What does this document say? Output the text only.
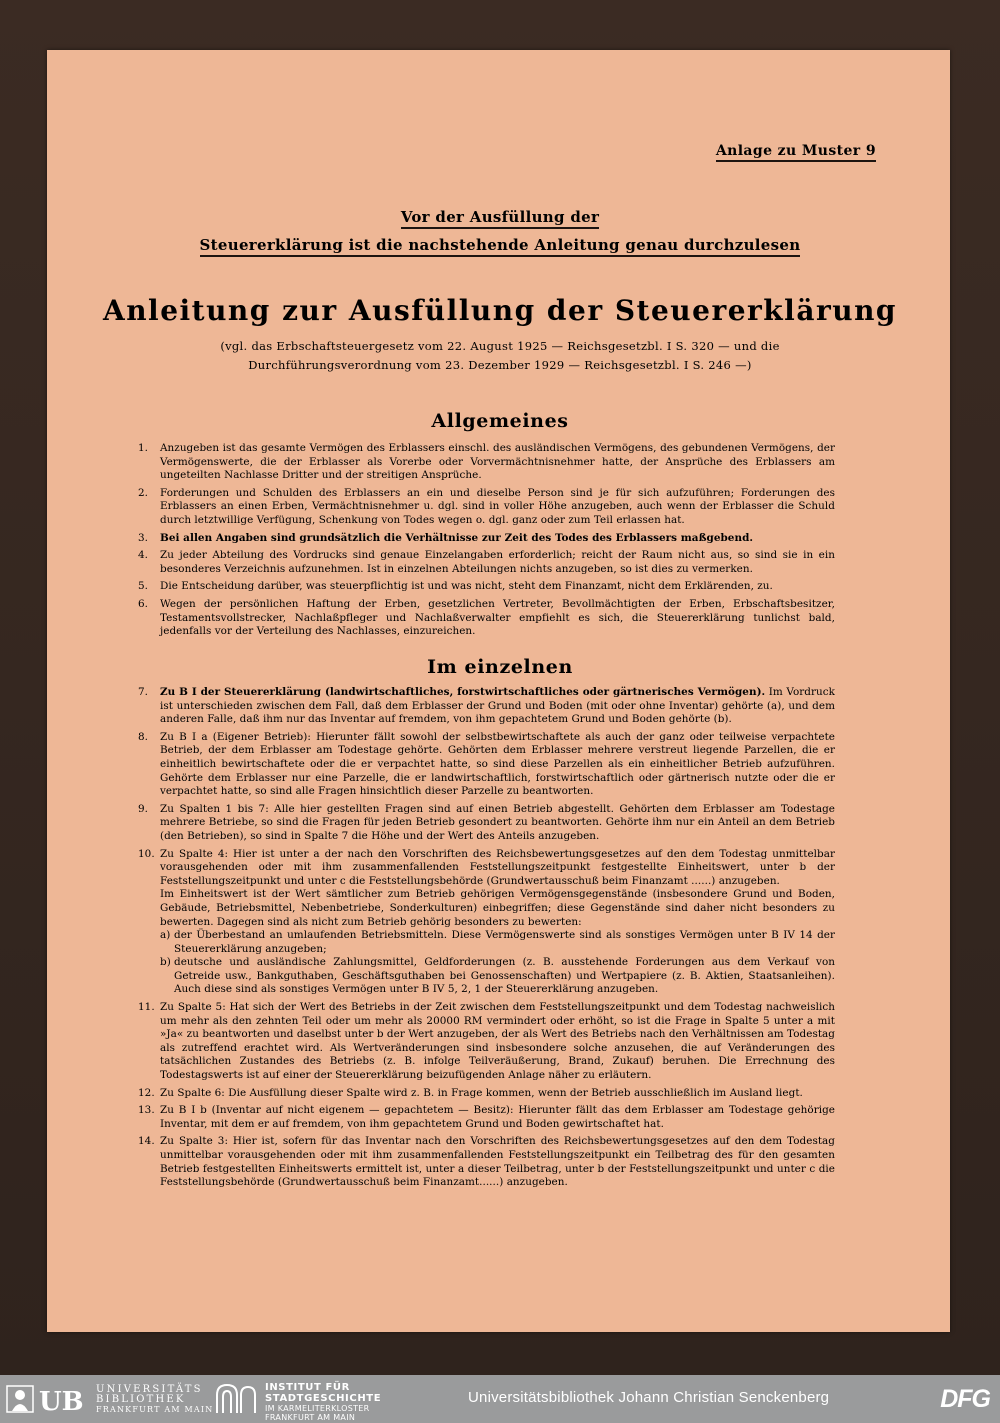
Anlage zu Muster 9
Vor der Ausfüllung der
Steuererklärung ist die nachstehende Anleitung genau durchzulesen
Anleitung zur Ausfüllung der Steuererklärung
(vgl. das Erbschaftsteuergesetz vom 22. August 1925 — Reichsgesetzbl. I S. 320 — und die
Durchführungsverordnung vom 23. Dezember 1929 — Reichsgesetzbl. I S. 246 —)
Allgemeines
1.	Anzugeben ist das gesamte Vermögen des Erblassers einschl. des ausländischen Vermögens, des gebundenen Vermögens, der Vermögenswerte, die der Erblasser als Vorerbe oder Vorvermächtnisnehmer hatte, der Ansprüche des Erblassers am ungeteilten Nachlasse Dritter und der streitigen Ansprüche.
2.	Forderungen und Schulden des Erblassers an ein und dieselbe Person sind je für sich aufzuführen; Forderungen des Erblassers an einen Erben, Vermächtnisnehmer u. dgl. sind in voller Höhe anzugeben, auch wenn der Erblasser die Schuld durch letztwillige Verfügung, Schenkung von Todes wegen o. dgl. ganz oder zum Teil erlassen hat.
3.	Bei allen Angaben sind grundsätzlich die Verhältnisse zur Zeit des Todes des Erblassers maßgebend.
4.	Zu jeder Abteilung des Vordrucks sind genaue Einzelangaben erforderlich; reicht der Raum nicht aus, so sind sie in ein besonderes Verzeichnis aufzunehmen. Ist in einzelnen Abteilungen nichts anzugeben, so ist dies zu vermerken.
5.	Die Entscheidung darüber, was steuerpflichtig ist und was nicht, steht dem Finanzamt, nicht dem Erklärenden, zu.
6.	Wegen der persönlichen Haftung der Erben, gesetzlichen Vertreter, Bevollmächtigten der Erben, Erbschaftsbesitzer, Testamentsvollstrecker, Nachlaßpfleger und Nachlaßverwalter empfiehlt es sich, die Steuererklärung tunlichst bald, jedenfalls vor der Verteilung des Nachlasses, einzureichen.
Im einzelnen
7.	Zu B I der Steuererklärung (landwirtschaftliches, forstwirtschaftliches oder gärtnerisches Vermögen). Im Vordruck ist unterschieden zwischen dem Fall, daß dem Erblasser der Grund und Boden (mit oder ohne Inventar) gehörte (a), und dem anderen Falle, daß ihm nur das Inventar auf fremdem, von ihm gepachtetem Grund und Boden gehörte (b).
8.	Zu B I a (Eigener Betrieb): Hierunter fällt sowohl der selbstbewirtschaftete als auch der ganz oder teilweise verpachtete Betrieb, der dem Erblasser am Todestage gehörte. Gehörten dem Erblasser mehrere verstreut liegende Parzellen, die er einheitlich bewirtschaftete oder die er verpachtet hatte, so sind diese Parzellen als ein einheitlicher Betrieb aufzuführen. Gehörte dem Erblasser nur eine Parzelle, die er landwirtschaftlich, forstwirtschaftlich oder gärtnerisch nutzte oder die er verpachtet hatte, so sind alle Fragen hinsichtlich dieser Parzelle zu beantworten.
9.	Zu Spalten 1 bis 7: Alle hier gestellten Fragen sind auf einen Betrieb abgestellt. Gehörten dem Erblasser am Todestage mehrere Betriebe, so sind die Fragen für jeden Betrieb gesondert zu beantworten. Gehörte ihm nur ein Anteil an dem Betrieb (den Betrieben), so sind in Spalte 7 die Höhe und der Wert des Anteils anzugeben.
10. Zu Spalte 4: Hier ist unter a der nach den Vorschriften des Reichsbewertungsgesetzes auf den dem Todestag unmittelbar vorausgehenden oder mit ihm zusammenfallenden Feststellungszeitpunkt festgestellte Einheitswert, unter b der Feststellungszeitpunkt und unter c die Feststellungsbehörde (Grundwertausschuß beim Finanzamt ......) anzugeben.
Im Einheitswert ist der Wert sämtlicher zum Betrieb gehörigen Vermögensgegenstände (insbesondere Grund und Boden, Gebäude, Betriebsmittel, Nebenbetriebe, Sonderkulturen) einbegriffen; diese Gegenstände sind daher nicht besonders zu bewerten. Dagegen sind als nicht zum Betrieb gehörig besonders zu bewerten:
a) der Überbestand an umlaufenden Betriebsmitteln. Diese Vermögenswerte sind als sonstiges Vermögen unter B IV 14 der Steuererklärung anzugeben;
b) deutsche und ausländische Zahlungsmittel, Geldforderungen (z. B. ausstehende Forderungen aus dem Verkauf von Getreide usw., Bankguthaben, Geschäftsguthaben bei Genossenschaften) und Wertpapiere (z. B. Aktien, Staatsanleihen). Auch diese sind als sonstiges Vermögen unter B IV 5, 2, 1 der Steuererklärung anzugeben.
11. Zu Spalte 5: Hat sich der Wert des Betriebs in der Zeit zwischen dem Feststellungszeitpunkt und dem Todestag nachweislich um mehr als den zehnten Teil oder um mehr als 20000 RM vermindert oder erhöht, so ist die Frage in Spalte 5 unter a mit »Ja« zu beantworten und daselbst unter b der Wert anzugeben, der als Wert des Betriebs nach den Verhältnissen am Todestag als zutreffend erachtet wird. Als Wertveränderungen sind insbesondere solche anzusehen, die auf Veränderungen des tatsächlichen Zustandes des Betriebs (z. B. infolge Teilveräußerung, Brand, Zukauf) beruhen. Die Errechnung des Todestagswerts ist auf einer der Steuererklärung beizufügenden Anlage näher zu erläutern.
12. Zu Spalte 6: Die Ausfüllung dieser Spalte wird z. B. in Frage kommen, wenn der Betrieb ausschließlich im Ausland liegt.
13. Zu B I b (Inventar auf nicht eigenem — gepachtetem — Besitz): Hierunter fällt das dem Erblasser am Todestage gehörige Inventar, mit dem er auf fremdem, von ihm gepachtetem Grund und Boden gewirtschaftet hat.
14. Zu Spalte 3: Hier ist, sofern für das Inventar nach den Vorschriften des Reichsbewertungsgesetzes auf den dem Todestag unmittelbar vorausgehenden oder mit ihm zusammenfallenden Feststellungszeitpunkt ein Teilbetrag des für den gesamten Betrieb festgestellten Einheitswerts ermittelt ist, unter a dieser Teilbetrag, unter b der Feststellungszeitpunkt und unter c die Feststellungsbehörde (Grundwertausschuß beim Finanzamt......) anzugeben.
UB UNIVERSITÄTS
BIBLIOTHEK
FRANKFURT AM MAIN
INSTITUT FÜR
STADTGESCHICHTE
IM KARMELITERKLOSTER
FRANKFURT AM MAIN
Universitätsbibliothek Johann Christian Senckenberg	DFG
